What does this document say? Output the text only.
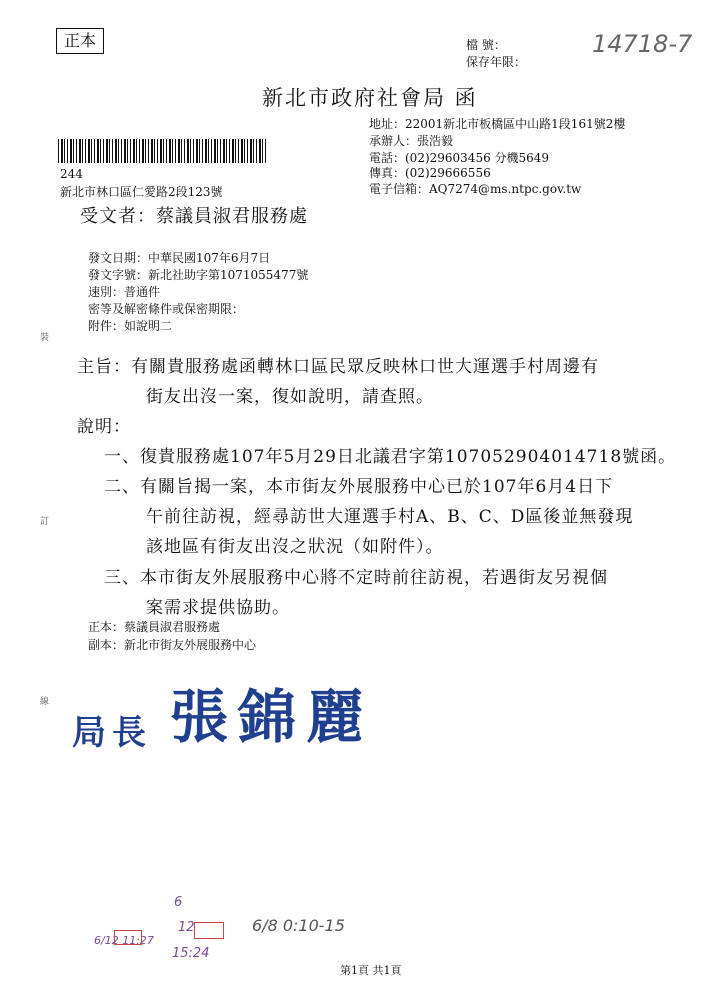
正本	檔 號：
保存年限：
14718-7
新北市政府社會局 函
地址：22001新北市板橋區中山路1段161號2樓
承辦人：張浩毅
電話：(02)29603456 分機5649
傳真：(02)29666556
電子信箱：AQ7274@ms.ntpc.gov.tw
244
新北市林口區仁愛路2段123號
受文者：蔡議員淑君服務處
發文日期：中華民國107年6月7日
發文字號：新北社助字第1071055477號
速別：普通件
密等及解密條件或保密期限：
附件：如說明二
裝
訂
線
主旨：有關貴服務處函轉林口區民眾反映林口世大運選手村周邊有
街友出沒一案，復如說明，請查照。
說明：
一、復貴服務處107年5月29日北議君字第107052904014718號函。
二、有關旨揭一案，本市街友外展服務中心已於107年6月4日下
午前往訪視，經尋訪世大運選手村A、B、C、D區後並無發現
該地區有街友出沒之狀況（如附件）。
三、本市街友外展服務中心將不定時前往訪視，若遇街友另視個
案需求提供協助。
正本：蔡議員淑君服務處
副本：新北市街友外展服務中心
局長 張錦麗
6/12 11:27
6
12
15:24
6/8 0:10-15
第1頁 共1頁
